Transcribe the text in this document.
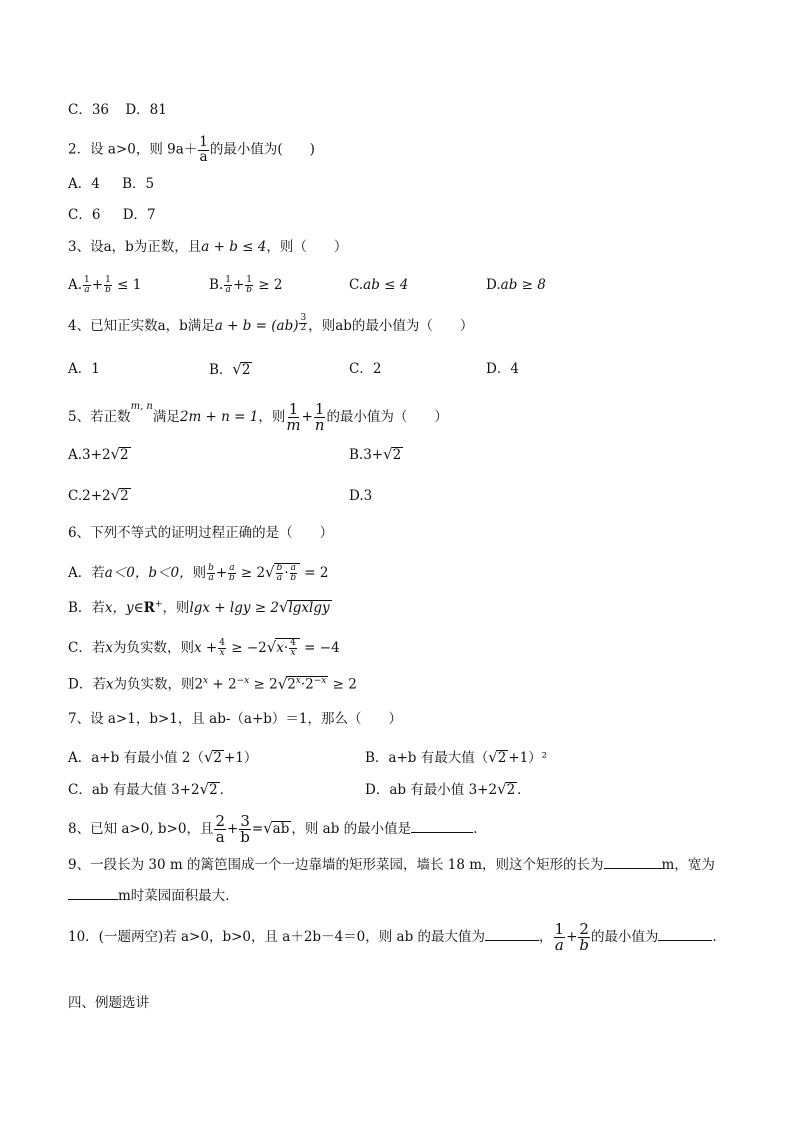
C．36 D．81
2．设 a>0，则 $9a+ \frac{1}{a}$ 的最小值为(　　)
A．4 B．5
C．6 D．7
3、设a，b为正数，且a + b ≤ 4，则（　　）
A. $\frac{1}{a} + \frac{1}{b} \le 1$	B. $\frac{1}{a} + \frac{1}{b} \ge 2$	C.ab ≤ 4	D.ab ≥ 8
4、已知正实数a，b满足$a + b = (ab) \frac{3}{2}$ ，则ab的最小值为（　　）
A．1	B．√2	C．2	D．4
5、若正数$^{m, n}$满足2m + n = 1，则 $\frac{1}{m} + \frac{1}{n}$ 的最小值为（　　）
A.3+2√2	B.3+√2
C.2+2√2	D.3
6、下列不等式的证明过程正确的是（　　）
A．若a＜0，b＜0，则 $\frac{b}{a} + \frac{a}{b} \ge 2√ \frac{b}{a} \cdot \frac{a}{b} = 2$
B．若x，y∈R+，则lgx + lgy ≥ 2√lgxlgy
C．若x为负实数，则$x + \frac{4}{x} \ge -2√x\cdot \frac{4}{x} = -4$
D．若x为负实数，则$2^x + 2^{-x} \ge 2√2^x\cdot 2^{-x} \ge 2$
7、设 a>1，b>1，且 ab-（a+b）＝1，那么（　　）
A．a+b 有最小值 2（√2 +1）	B．a+b 有最大值（√2 +1）²
C．ab 有最大值 3+2√2 ．	D．ab 有最小值 3+2√2 ．
8、已知 a>0, b>0，且 $\frac{2}{a} + \frac{3}{b} =√ab$ ，则 ab 的最小值是	.
9、一段长为 30 m 的篱笆围成一个一边靠墙的矩形菜园，墙长 18 m，则这个矩形的长为	m，宽为
m时菜园面积最大．
10．(一题两空)若 a>0，b>0，且 a＋2b－4＝0，则 ab 的最大值为	， $\frac{1}{a} + \frac{2}{b}$ 的最小值为	．
四、例题选讲
